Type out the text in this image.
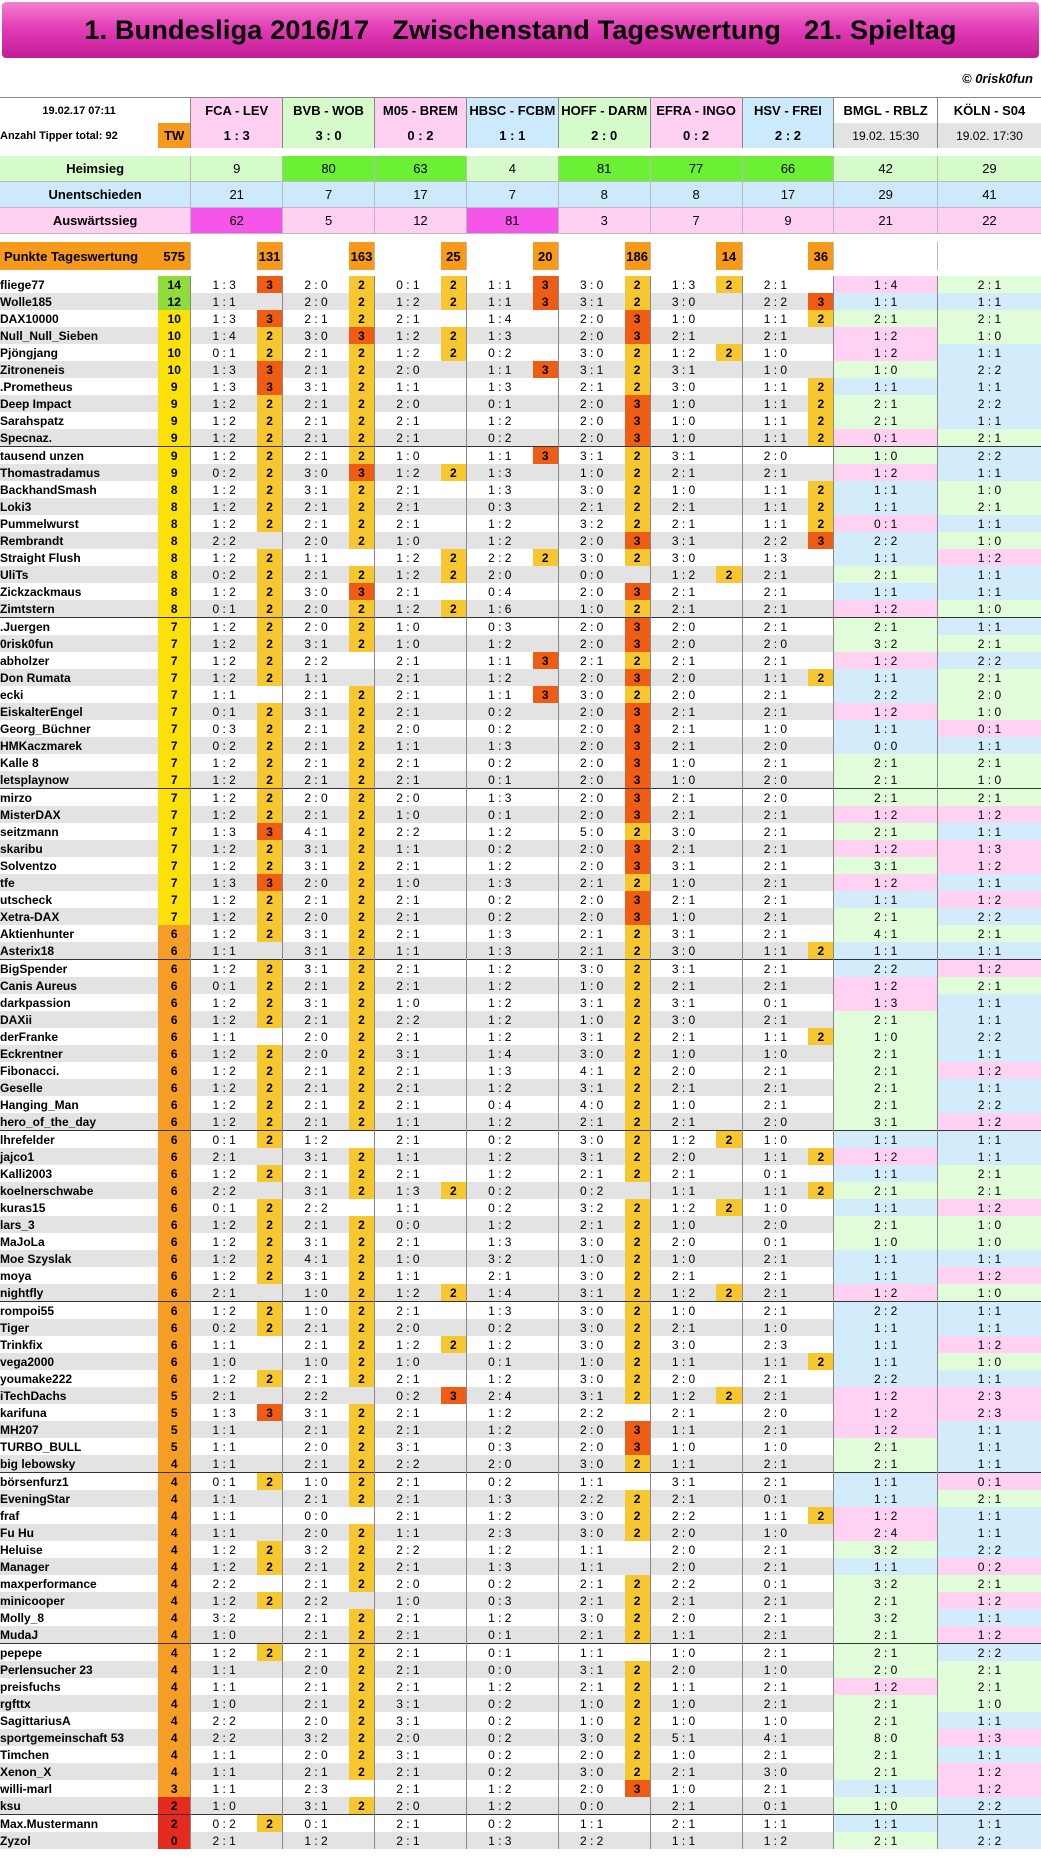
1. Bundesliga 2016/17   Zwischenstand Tageswertung   21. Spieltag
© 0risk0fun
19.02.17 07:11		FCA - LEV		BVB - WOB		M05 - BREM		HBSC - FCBM		HOFF - DARM		EFRA - INGO		HSV - FREI		BMGL - RBLZ	KÖLN - S04
Anzahl Tipper total: 92	TW	1 : 3		3 : 0		0 : 2		1 : 1		2 : 0		0 : 2		2 : 2		19.02. 15:30	19.02. 17:30

Heimsieg		9		80		63		4		81		77		66		42	29
Unentschieden		21		7		17		7		8		8		17		29	41
Auswärtssieg		62		5		12		81		3		7		9		21	22

Punkte Tageswertung	575		131		163		25		20		186		14		36		

fliege77	14	1 : 3	3	2 : 0	2	0 : 1	2	1 : 1	3	3 : 0	2	1 : 3	2	2 : 1		1 : 4	2 : 1
Wolle185	12	1 : 1		2 : 0	2	1 : 2	2	1 : 1	3	3 : 1	2	3 : 0		2 : 2	3	1 : 1	1 : 1
DAX10000	10	1 : 3	3	2 : 1	2	2 : 1		1 : 4		2 : 0	3	1 : 0		1 : 1	2	2 : 1	2 : 1
Null_Null_Sieben	10	1 : 4	2	3 : 0	3	1 : 2	2	1 : 3		2 : 0	3	2 : 1		2 : 1		1 : 2	1 : 0
Pjöngjang	10	0 : 1	2	2 : 1	2	1 : 2	2	0 : 2		3 : 0	2	1 : 2	2	1 : 0		1 : 2	1 : 1
Zitroneneis	10	1 : 3	3	2 : 1	2	2 : 0		1 : 1	3	3 : 1	2	3 : 1		1 : 0		1 : 0	2 : 2
.Prometheus	9	1 : 3	3	3 : 1	2	1 : 1		1 : 3		2 : 1	2	3 : 0		1 : 1	2	1 : 1	1 : 1
Deep Impact	9	1 : 2	2	2 : 1	2	2 : 0		0 : 1		2 : 0	3	1 : 0		1 : 1	2	2 : 1	2 : 2
Sarahspatz	9	1 : 2	2	2 : 1	2	2 : 1		1 : 2		2 : 0	3	1 : 0		1 : 1	2	2 : 1	1 : 1
Specnaz.	9	1 : 2	2	2 : 1	2	2 : 1		0 : 2		2 : 0	3	1 : 0		1 : 1	2	0 : 1	2 : 1
tausend unzen	9	1 : 2	2	2 : 1	2	1 : 0		1 : 1	3	3 : 1	2	3 : 1		2 : 0		1 : 0	2 : 2
Thomastradamus	9	0 : 2	2	3 : 0	3	1 : 2	2	1 : 3		1 : 0	2	2 : 1		2 : 1		1 : 2	1 : 1
BackhandSmash	8	1 : 2	2	3 : 1	2	2 : 1		1 : 3		3 : 0	2	1 : 0		1 : 1	2	1 : 1	1 : 0
Loki3	8	1 : 2	2	2 : 1	2	2 : 1		0 : 3		2 : 1	2	2 : 1		1 : 1	2	1 : 1	2 : 1
Pummelwurst	8	1 : 2	2	2 : 1	2	2 : 1		1 : 2		3 : 2	2	2 : 1		1 : 1	2	0 : 1	1 : 1
Rembrandt	8	2 : 2		2 : 0	2	1 : 0		1 : 2		2 : 0	3	3 : 1		2 : 2	3	2 : 2	1 : 0
Straight Flush	8	1 : 2	2	1 : 1		1 : 2	2	2 : 2	2	3 : 0	2	3 : 0		1 : 3		1 : 1	1 : 2
UliTs	8	0 : 2	2	2 : 1	2	1 : 2	2	2 : 0		0 : 0		1 : 2	2	2 : 1		2 : 1	1 : 1
Zickzackmaus	8	1 : 2	2	3 : 0	3	2 : 1		0 : 4		2 : 0	3	2 : 1		2 : 1		1 : 1	1 : 1
Zimtstern	8	0 : 1	2	2 : 0	2	1 : 2	2	1 : 6		1 : 0	2	2 : 1		2 : 1		1 : 2	1 : 0
.Juergen	7	1 : 2	2	2 : 0	2	1 : 0		0 : 3		2 : 0	3	2 : 0		2 : 1		2 : 1	1 : 1
0risk0fun	7	1 : 2	2	3 : 1	2	1 : 0		1 : 2		2 : 0	3	2 : 0		2 : 0		3 : 2	2 : 1
abholzer	7	1 : 2	2	2 : 2		2 : 1		1 : 1	3	2 : 1	2	2 : 1		2 : 1		1 : 2	2 : 2
Don Rumata	7	1 : 2	2	1 : 1		2 : 1		1 : 2		2 : 0	3	2 : 0		1 : 1	2	1 : 1	2 : 1
ecki	7	1 : 1		2 : 1	2	2 : 1		1 : 1	3	3 : 0	2	2 : 0		2 : 1		2 : 2	2 : 0
EiskalterEngel	7	0 : 1	2	3 : 1	2	2 : 1		0 : 2		2 : 0	3	2 : 1		2 : 1		1 : 2	1 : 0
Georg_Büchner	7	0 : 3	2	2 : 1	2	2 : 0		0 : 2		2 : 0	3	2 : 1		1 : 0		1 : 1	0 : 1
HMKaczmarek	7	0 : 2	2	2 : 1	2	1 : 1		1 : 3		2 : 0	3	2 : 1		2 : 0		0 : 0	1 : 1
Kalle 8	7	1 : 2	2	2 : 1	2	2 : 1		0 : 2		2 : 0	3	1 : 0		2 : 1		2 : 1	2 : 1
letsplaynow	7	1 : 2	2	2 : 1	2	2 : 1		0 : 1		2 : 0	3	1 : 0		2 : 0		2 : 1	1 : 0
mirzo	7	1 : 2	2	2 : 0	2	2 : 0		1 : 3		2 : 0	3	2 : 1		2 : 0		2 : 1	2 : 1
MisterDAX	7	1 : 2	2	2 : 1	2	1 : 0		0 : 1		2 : 0	3	2 : 1		2 : 1		1 : 2	1 : 2
seitzmann	7	1 : 3	3	4 : 1	2	2 : 2		1 : 2		5 : 0	2	3 : 0		2 : 1		2 : 1	1 : 1
skaribu	7	1 : 2	2	3 : 1	2	1 : 1		0 : 2		2 : 0	3	2 : 1		2 : 1		1 : 2	1 : 3
Solventzo	7	1 : 2	2	3 : 1	2	2 : 1		1 : 2		2 : 0	3	3 : 1		2 : 1		3 : 1	1 : 2
tfe	7	1 : 3	3	2 : 0	2	1 : 0		1 : 3		2 : 1	2	1 : 0		2 : 1		1 : 2	1 : 1
utscheck	7	1 : 2	2	2 : 1	2	2 : 1		0 : 2		2 : 0	3	2 : 1		2 : 1		1 : 1	1 : 2
Xetra-DAX	7	1 : 2	2	2 : 0	2	2 : 1		0 : 2		2 : 0	3	1 : 0		2 : 1		2 : 1	2 : 2
Aktienhunter	6	1 : 2	2	3 : 1	2	2 : 1		1 : 3		2 : 1	2	3 : 1		2 : 1		4 : 1	2 : 1
Asterix18	6	1 : 1		3 : 1	2	1 : 1		1 : 3		2 : 1	2	3 : 0		1 : 1	2	1 : 1	1 : 1
BigSpender	6	1 : 2	2	3 : 1	2	2 : 1		1 : 2		3 : 0	2	3 : 1		2 : 1		2 : 2	1 : 2
Canis Aureus	6	0 : 1	2	2 : 1	2	2 : 1		1 : 2		1 : 0	2	2 : 1		2 : 1		1 : 2	2 : 1
darkpassion	6	1 : 2	2	3 : 1	2	1 : 0		1 : 2		3 : 1	2	3 : 1		0 : 1		1 : 3	1 : 1
DAXii	6	1 : 2	2	2 : 1	2	2 : 2		1 : 2		1 : 0	2	3 : 0		2 : 1		2 : 1	1 : 1
derFranke	6	1 : 1		2 : 0	2	2 : 1		1 : 2		3 : 1	2	2 : 1		1 : 1	2	1 : 0	2 : 2
Eckrentner	6	1 : 2	2	2 : 0	2	3 : 1		1 : 4		3 : 0	2	1 : 0		1 : 0		2 : 1	1 : 1
Fibonacci.	6	1 : 2	2	2 : 1	2	2 : 1		1 : 3		4 : 1	2	2 : 0		2 : 1		2 : 1	1 : 2
Geselle	6	1 : 2	2	2 : 1	2	2 : 1		1 : 2		3 : 1	2	2 : 1		2 : 1		2 : 1	1 : 1
Hanging_Man	6	1 : 2	2	2 : 1	2	2 : 1		0 : 4		4 : 0	2	1 : 0		2 : 1		2 : 1	2 : 2
hero_of_the_day	6	1 : 2	2	2 : 1	2	1 : 1		1 : 2		2 : 1	2	2 : 1		2 : 0		3 : 1	1 : 2
lhrefelder	6	0 : 1	2	1 : 2		2 : 1		0 : 2		3 : 0	2	1 : 2	2	1 : 0		1 : 1	1 : 1
jajco1	6	2 : 1		3 : 1	2	1 : 1		1 : 2		3 : 1	2	2 : 0		1 : 1	2	1 : 2	1 : 1
Kalli2003	6	1 : 2	2	2 : 1	2	2 : 1		1 : 2		2 : 1	2	2 : 1		0 : 1		1 : 1	2 : 1
koelnerschwabe	6	2 : 2		3 : 1	2	1 : 3	2	0 : 2		0 : 2		1 : 1		1 : 1	2	2 : 1	2 : 1
kuras15	6	0 : 1	2	2 : 2		1 : 1		0 : 2		3 : 2	2	1 : 2	2	1 : 0		1 : 1	1 : 2
lars_3	6	1 : 2	2	2 : 1	2	0 : 0		1 : 2		2 : 1	2	1 : 0		2 : 0		2 : 1	1 : 0
MaJoLa	6	1 : 2	2	3 : 1	2	2 : 1		1 : 3		3 : 0	2	2 : 0		0 : 1		1 : 0	1 : 0
Moe Szyslak	6	1 : 2	2	4 : 1	2	1 : 0		3 : 2		1 : 0	2	1 : 0		2 : 1		1 : 1	1 : 1
moya	6	1 : 2	2	3 : 1	2	1 : 1		2 : 1		3 : 0	2	2 : 1		2 : 1		1 : 1	1 : 2
nightfly	6	2 : 1		1 : 0	2	1 : 2	2	1 : 4		3 : 1	2	1 : 2	2	2 : 1		1 : 2	1 : 0
rompoi55	6	1 : 2	2	1 : 0	2	2 : 1		1 : 3		3 : 0	2	1 : 0		2 : 1		2 : 2	1 : 1
Tiger	6	0 : 2	2	2 : 1	2	2 : 0		0 : 2		3 : 0	2	2 : 1		1 : 0		1 : 1	1 : 1
Trinkfix	6	1 : 1		2 : 1	2	1 : 2	2	1 : 2		3 : 0	2	3 : 0		2 : 3		1 : 1	1 : 2
vega2000	6	1 : 0		1 : 0	2	1 : 0		0 : 1		1 : 0	2	1 : 1		1 : 1	2	1 : 1	1 : 0
youmake222	6	1 : 2	2	2 : 1	2	2 : 1		1 : 2		3 : 0	2	2 : 0		2 : 1		2 : 2	1 : 1
iTechDachs	5	2 : 1		2 : 2		0 : 2	3	2 : 4		3 : 1	2	1 : 2	2	2 : 1		1 : 2	2 : 3
karifuna	5	1 : 3	3	3 : 1	2	2 : 1		1 : 2		2 : 2		2 : 1		2 : 0		1 : 2	2 : 3
MH207	5	1 : 1		2 : 1	2	2 : 1		1 : 2		2 : 0	3	1 : 1		2 : 1		1 : 2	1 : 1
TURBO_BULL	5	1 : 1		2 : 0	2	3 : 1		0 : 3		2 : 0	3	1 : 0		1 : 0		2 : 1	1 : 1
big lebowsky	4	1 : 1		2 : 1	2	2 : 2		2 : 0		3 : 0	2	1 : 1		2 : 1		2 : 1	1 : 1
börsenfurz1	4	0 : 1	2	1 : 0	2	2 : 1		0 : 2		1 : 1		3 : 1		2 : 1		1 : 1	0 : 1
EveningStar	4	1 : 1		2 : 1	2	2 : 1		1 : 3		2 : 2	2	2 : 1		0 : 1		1 : 1	2 : 1
fraf	4	1 : 1		0 : 0		2 : 1		1 : 2		3 : 0	2	2 : 2		1 : 1	2	1 : 2	1 : 1
Fu Hu	4	1 : 1		2 : 0	2	1 : 1		2 : 3		3 : 0	2	2 : 0		1 : 0		2 : 4	1 : 1
Heluise	4	1 : 2	2	3 : 2	2	2 : 2		1 : 2		1 : 1		2 : 0		2 : 1		3 : 2	2 : 2
Manager	4	1 : 2	2	2 : 1	2	2 : 1		1 : 3		1 : 1		2 : 0		2 : 1		1 : 1	0 : 2
maxperformance	4	2 : 2		2 : 1	2	2 : 0		0 : 2		2 : 1	2	2 : 2		0 : 1		3 : 2	2 : 1
minicooper	4	1 : 2	2	2 : 2		1 : 0		0 : 3		2 : 1	2	2 : 1		2 : 1		2 : 1	1 : 2
Molly_8	4	3 : 2		2 : 1	2	2 : 1		1 : 2		3 : 0	2	2 : 0		2 : 1		3 : 2	1 : 1
MudaJ	4	1 : 0		2 : 1	2	2 : 1		0 : 1		2 : 1	2	1 : 1		2 : 1		2 : 1	1 : 2
pepepe	4	1 : 2	2	2 : 1	2	2 : 1		0 : 1		1 : 1		1 : 0		2 : 1		2 : 1	2 : 2
Perlensucher 23	4	1 : 1		2 : 0	2	2 : 1		0 : 0		3 : 1	2	2 : 0		1 : 0		2 : 0	2 : 1
preisfuchs	4	1 : 1		2 : 1	2	2 : 1		1 : 2		2 : 1	2	1 : 1		2 : 1		1 : 2	2 : 1
rgfttx	4	1 : 0		2 : 1	2	3 : 1		0 : 2		1 : 0	2	1 : 0		2 : 1		2 : 1	1 : 0
SagittariusA	4	2 : 2		2 : 0	2	3 : 1		0 : 2		1 : 0	2	1 : 0		1 : 0		2 : 1	1 : 1
sportgemeinschaft 53	4	2 : 2		3 : 2	2	2 : 0		0 : 2		3 : 0	2	5 : 1		4 : 1		8 : 0	1 : 3
Timchen	4	1 : 1		2 : 0	2	3 : 1		0 : 2		2 : 0	2	1 : 0		2 : 1		2 : 1	1 : 1
Xenon_X	4	1 : 1		2 : 1	2	2 : 1		0 : 2		3 : 0	2	2 : 1		3 : 0		2 : 1	1 : 2
willi-marl	3	1 : 1		2 : 3		2 : 1		1 : 2		2 : 0	3	1 : 0		2 : 1		1 : 1	1 : 2
ksu	2	1 : 0		3 : 1	2	2 : 0		1 : 2		0 : 0		2 : 1		0 : 1		1 : 0	2 : 2
Max.Mustermann	2	0 : 2	2	0 : 1		2 : 1		0 : 2		1 : 1		2 : 1		1 : 1		1 : 1	1 : 1
Zyzol	0	2 : 1		1 : 2		2 : 1		1 : 3		2 : 2		1 : 1		1 : 2		2 : 1	2 : 2
